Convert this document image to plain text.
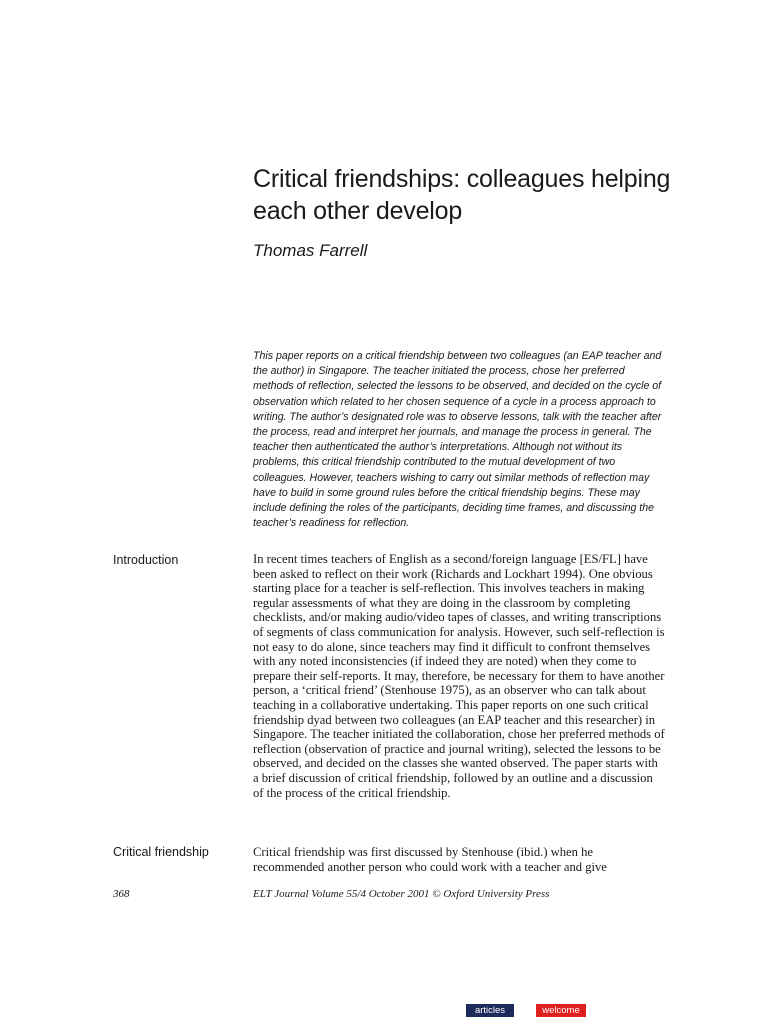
Critical friendships: colleagues helping each other develop

Thomas Farrell

This paper reports on a critical friendship between two colleagues (an EAP teacher and the author) in Singapore. The teacher initiated the process, chose her preferred methods of reflection, selected the lessons to be observed, and decided on the cycle of observation which related to her chosen sequence of a cycle in a process approach to writing. The author’s designated role was to observe lessons, talk with the teacher after the process, read and interpret her journals, and manage the process in general. The teacher then authenticated the author’s interpretations. Although not without its problems, this critical friendship contributed to the mutual development of two colleagues. However, teachers wishing to carry out similar methods of reflection may have to build in some ground rules before the critical friendship begins. These may include defining the roles of the participants, deciding time frames, and discussing the teacher’s readiness for reflection.

Introduction	In recent times teachers of English as a second/foreign language [ES/FL] have been asked to reflect on their work (Richards and Lockhart 1994). One obvious starting place for a teacher is self-reflection. This involves teachers in making regular assessments of what they are doing in the classroom by completing checklists, and/or making audio/video tapes of classes, and writing transcriptions of segments of class communication for analysis. However, such self-reflection is not easy to do alone, since teachers may find it difficult to confront themselves with any noted inconsistencies (if indeed they are noted) when they come to prepare their self-reports. It may, therefore, be necessary for them to have another person, a ‘critical friend’ (Stenhouse 1975), as an observer who can talk about teaching in a collaborative undertaking. This paper reports on one such critical friendship dyad between two colleagues (an EAP teacher and this researcher) in Singapore. The teacher initiated the collaboration, chose her preferred methods of reflection (observation of practice and journal writing), selected the lessons to be observed, and decided on the classes she wanted observed. The paper starts with a brief discussion of critical friendship, followed by an outline and a discussion of the process of the critical friendship.

Critical friendship	Critical friendship was first discussed by Stenhouse (ibid.) when he recommended another person who could work with a teacher and give

368	ELT Journal Volume 55/4 October 2001 © Oxford University Press
articles	welcome
